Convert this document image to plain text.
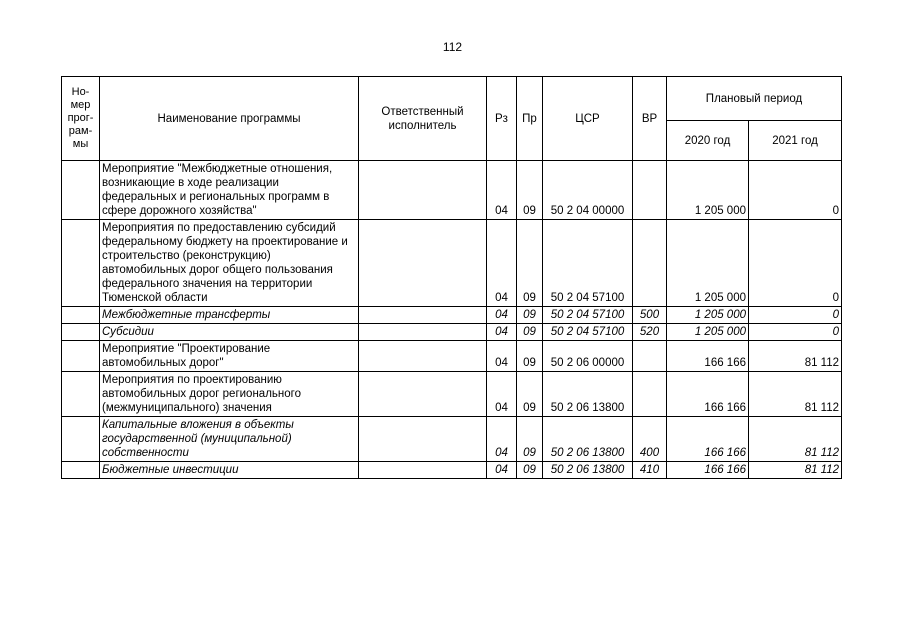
112
Но-мер прог-рам-мы	Наименование программы	Ответственный исполнитель	Рз	Пр	ЦСР	ВР	Плановый период	
							2020 год	2021 год
	Мероприятие "Межбюджетные отношения, возникающие в ходе реализации федеральных и региональных программ в сфере дорожного хозяйства"		04	09	50 2 04 00000		1 205 000	0
	Мероприятия по предоставлению субсидий федеральному бюджету на проектирование и строительство (реконструкцию) автомобильных дорог общего пользования федерального значения на территории Тюменской области		04	09	50 2 04 57100		1 205 000	0
	Межбюджетные трансферты		04	09	50 2 04 57100	500	1 205 000	0
	Субсидии		04	09	50 2 04 57100	520	1 205 000	0
	Мероприятие "Проектирование автомобильных дорог"		04	09	50 2 06 00000		166 166	81 112
	Мероприятия по проектированию автомобильных дорог регионального (межмуниципального) значения		04	09	50 2 06 13800		166 166	81 112
	Капитальные вложения в объекты государственной (муниципальной) собственности		04	09	50 2 06 13800	400	166 166	81 112
	Бюджетные инвестиции		04	09	50 2 06 13800	410	166 166	81 112
